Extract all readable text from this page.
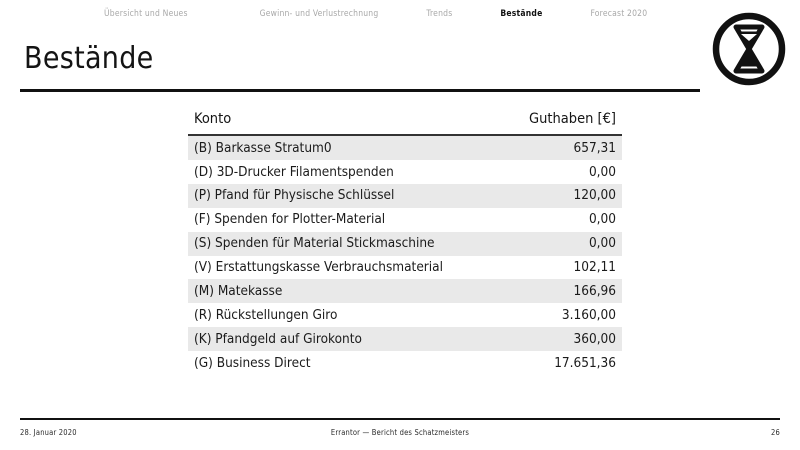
Übersicht und Neues	Gewinn- und Verlustrechnung	Trends	Bestände	Forecast 2020
Bestände
Konto	Guthaben [€]
(B) Barkasse Stratum0	657,31
(D) 3D-Drucker Filamentspenden	0,00
(P) Pfand für Physische Schlüssel	120,00
(F) Spenden for Plotter-Material	0,00
(S) Spenden für Material Stickmaschine	0,00
(V) Erstattungskasse Verbrauchsmaterial	102,11
(M) Matekasse	166,96
(R) Rückstellungen Giro	3.160,00
(K) Pfandgeld auf Girokonto	360,00
(G) Business Direct	17.651,36
28. Januar 2020	Errantor — Bericht des Schatzmeisters	26
